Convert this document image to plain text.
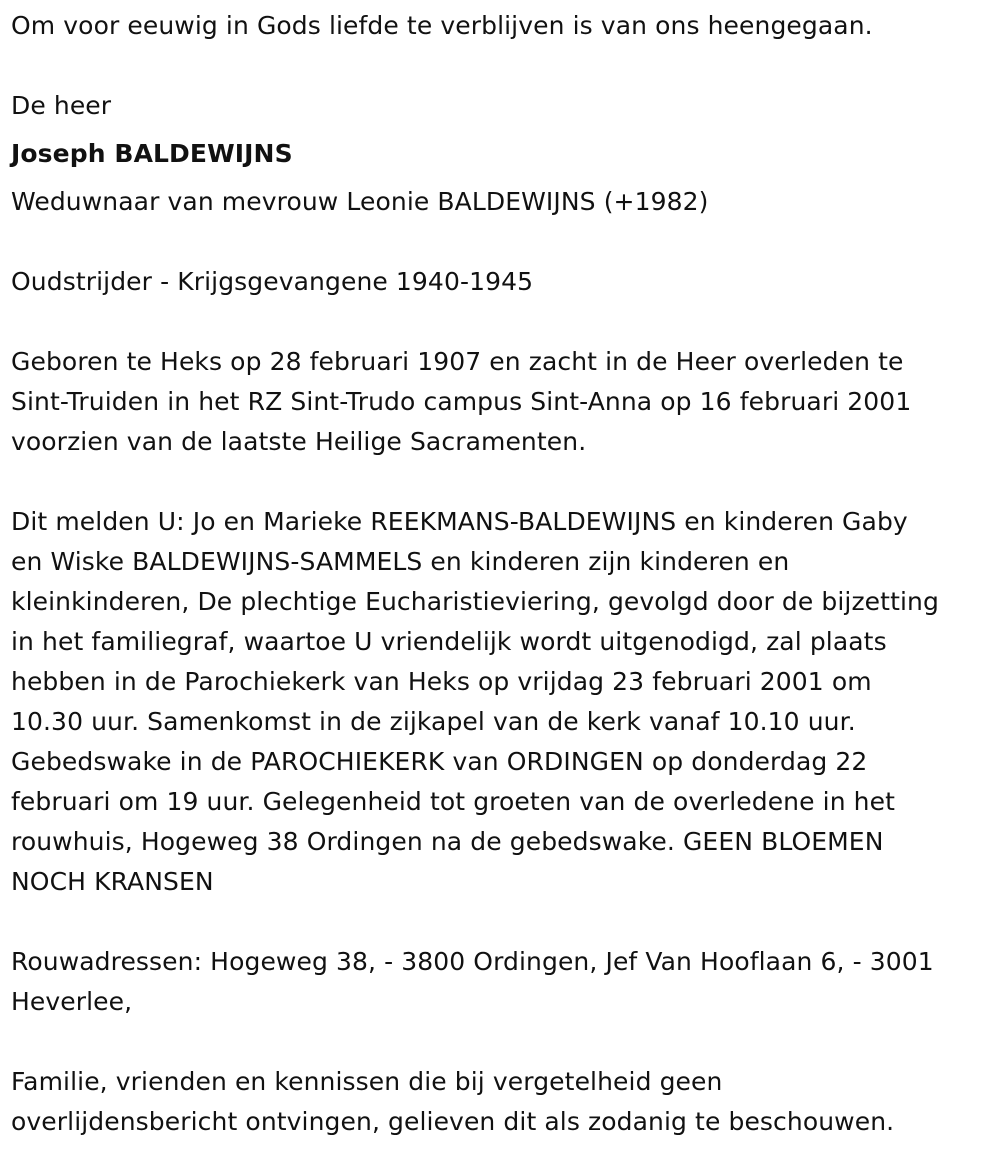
Om voor eeuwig in Gods liefde te verblijven is van ons heengegaan.

De heer

Joseph BALDEWIJNS

Weduwnaar van mevrouw Leonie BALDEWIJNS (+1982)

Oudstrijder - Krijgsgevangene 1940-1945

Geboren te Heks op 28 februari 1907 en zacht in de Heer overleden te

Sint-Truiden in het RZ Sint-Trudo campus Sint-Anna op 16 februari 2001

voorzien van de laatste Heilige Sacramenten.

Dit melden U: Jo en Marieke REEKMANS-BALDEWIJNS en kinderen Gaby

en Wiske BALDEWIJNS-SAMMELS en kinderen zijn kinderen en

kleinkinderen, De plechtige Eucharistieviering, gevolgd door de bijzetting

in het familiegraf, waartoe U vriendelijk wordt uitgenodigd, zal plaats

hebben in de Parochiekerk van Heks op vrijdag 23 februari 2001 om

10.30 uur. Samenkomst in de zijkapel van de kerk vanaf 10.10 uur.

Gebedswake in de PAROCHIEKERK van ORDINGEN op donderdag 22

februari om 19 uur. Gelegenheid tot groeten van de overledene in het

rouwhuis, Hogeweg 38 Ordingen na de gebedswake. GEEN BLOEMEN

NOCH KRANSEN

Rouwadressen: Hogeweg 38, - 3800 Ordingen, Jef Van Hooflaan 6, - 3001

Heverlee,

Familie, vrienden en kennissen die bij vergetelheid geen

overlijdensbericht ontvingen, gelieven dit als zodanig te beschouwen.
